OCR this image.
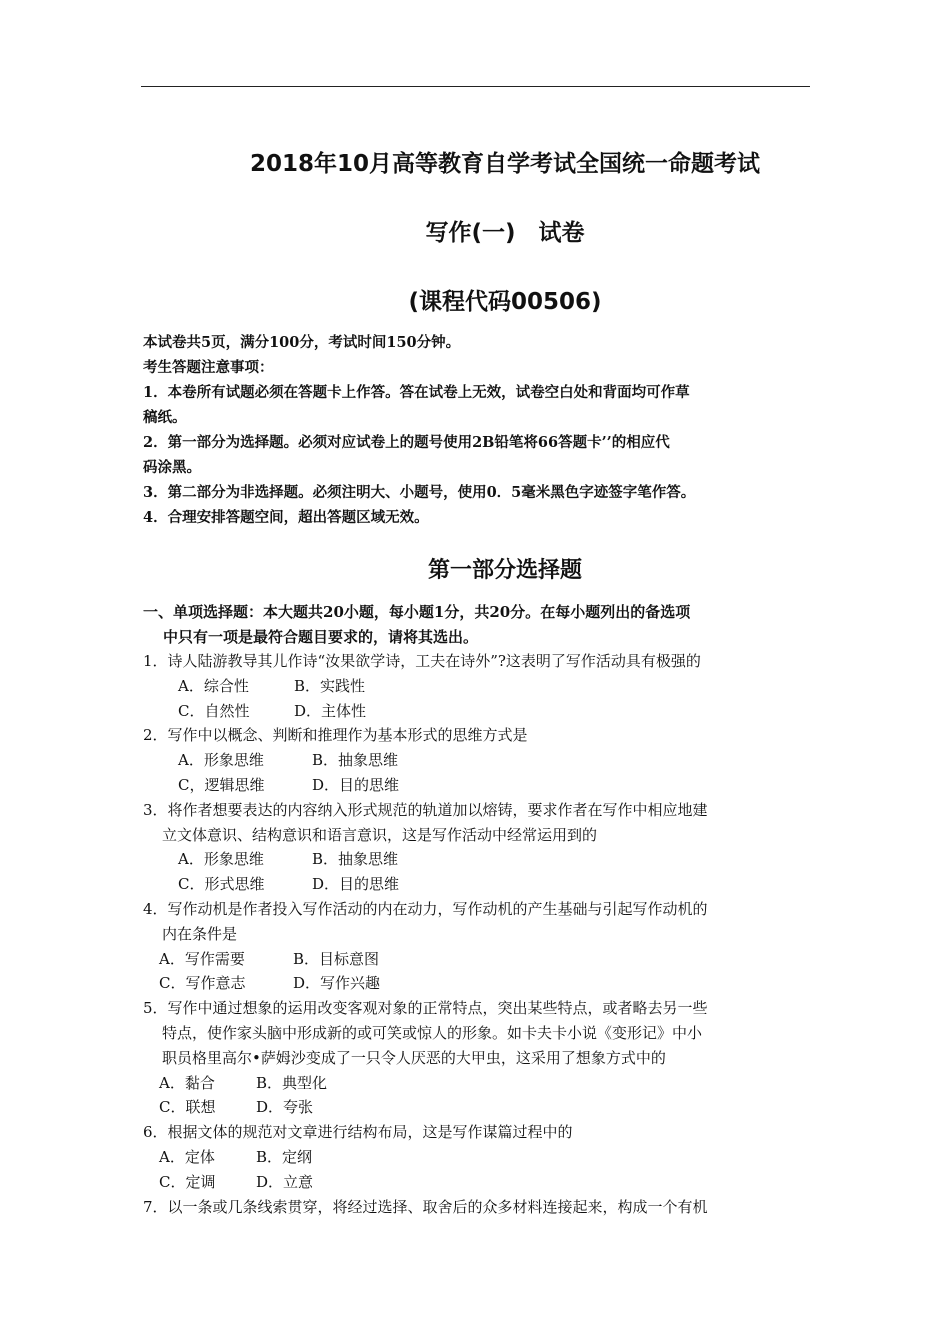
2018年10月高等教育自学考试全国统一命题考试
写作(一)　试卷
(课程代码00506)

本试卷共5页，满分100分，考试时间150分钟。

考生答题注意事项：

1．本卷所有试题必须在答题卡上作答。答在试卷上无效，试卷空白处和背面均可作草

稿纸。

2．第一部分为选择题。必须对应试卷上的题号使用2B铅笔将66答题卡’’的相应代

码涂黑。

3．第二部分为非选择题。必须注明大、小题号，使用0．5毫米黑色字迹签字笔作答。

4．合理安排答题空间，超出答题区域无效。

第一部分选择题

一、单项选择题：本大题共20小题，每小题1分，共20分。在每小题列出的备选项

中只有一项是最符合题目要求的，请将其选出。

1．诗人陆游教导其儿作诗“汝果欲学诗，工夫在诗外”?这表明了写作活动具有极强的

A．综合性	B．实践性

C．自然性	D．主体性

2．写作中以概念、判断和推理作为基本形式的思维方式是

A．形象思维	B．抽象思维

C，逻辑思维	D．目的思维

3．将作者想要表达的内容纳入形式规范的轨道加以熔铸，要求作者在写作中相应地建

立文体意识、结构意识和语言意识，这是写作活动中经常运用到的

A．形象思维	B．抽象思维

C．形式思维	D．目的思维

4．写作动机是作者投入写作活动的内在动力，写作动机的产生基础与引起写作动机的

内在条件是

A．写作需要	B．目标意图

C．写作意志	D．写作兴趣

5．写作中通过想象的运用改变客观对象的正常特点，突出某些特点，或者略去另一些

特点，使作家头脑中形成新的或可笑或惊人的形象。如卡夫卡小说《变形记》中小

职员格里高尔•萨姆沙变成了一只令人厌恶的大甲虫，这采用了想象方式中的

A．黏合	B．典型化

C．联想	D．夸张

6．根据文体的规范对文章进行结构布局，这是写作谋篇过程中的

A．定体	B．定纲

C．定调	D．立意

7．以一条或几条线索贯穿，将经过选择、取舍后的众多材料连接起来，构成一个有机
